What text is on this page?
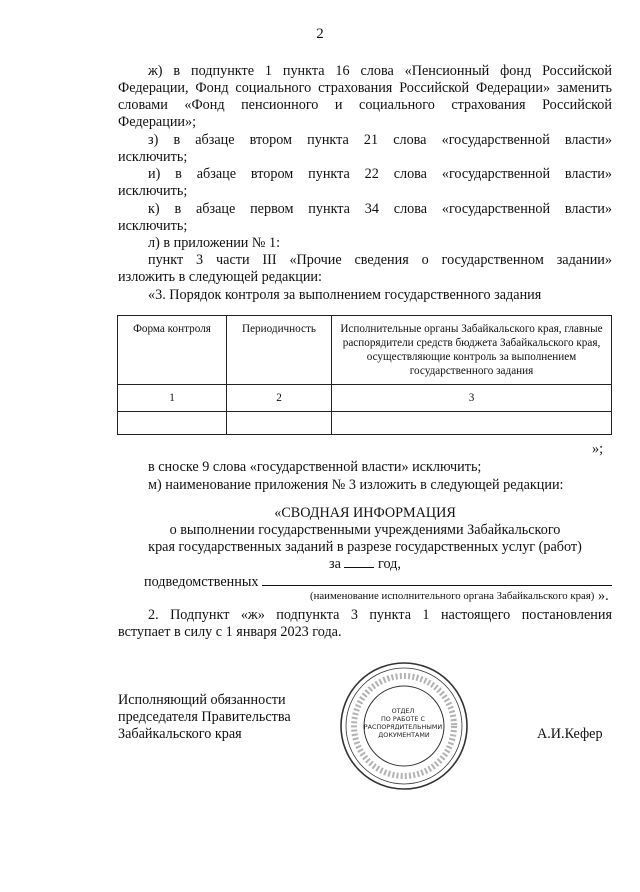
2
ж) в подпункте 1 пункта 16 слова «Пенсионный фонд Российской
Федерации, Фонд социального страхования Российской Федерации» заменить
словами «Фонд пенсионного и социального страхования Российской
Федерации»;
з) в абзаце втором пункта 21 слова «государственной власти»
исключить;
и) в абзаце втором пункта 22 слова «государственной власти»
исключить;
к) в абзаце первом пункта 34 слова «государственной власти»
исключить;
л) в приложении № 1:
пункт 3 части III «Прочие сведения о государственном задании»
изложить в следующей редакции:
«3. Порядок контроля за выполнением государственного задания
Форма контроля	Периодичность	Исполнительные органы Забайкальского края, главные распорядители средств бюджета Забайкальского края, осуществляющие контроль за выполнением государственного задания
1	2	3

»;
в сноске 9 слова «государственной власти» исключить;
м) наименование приложения № 3 изложить в следующей редакции:
«СВОДНАЯ ИНФОРМАЦИЯ
о выполнении государственными учреждениями Забайкальского
края государственных заданий в разрезе государственных услуг (работ)
за	год,
подведомственных
(наименование исполнительного органа Забайкальского края) ».
2. Подпункт «ж» подпункта 3 пункта 1 настоящего постановления
вступает в силу с 1 января 2023 года.
Исполняющий обязанности
председателя Правительства
Забайкальского края	А.И.Кефер
ОТДЕЛ ПО РАБОТЕ С РАСПОРЯДИТЕЛЬНЫМИ ДОКУМЕНТАМИ
